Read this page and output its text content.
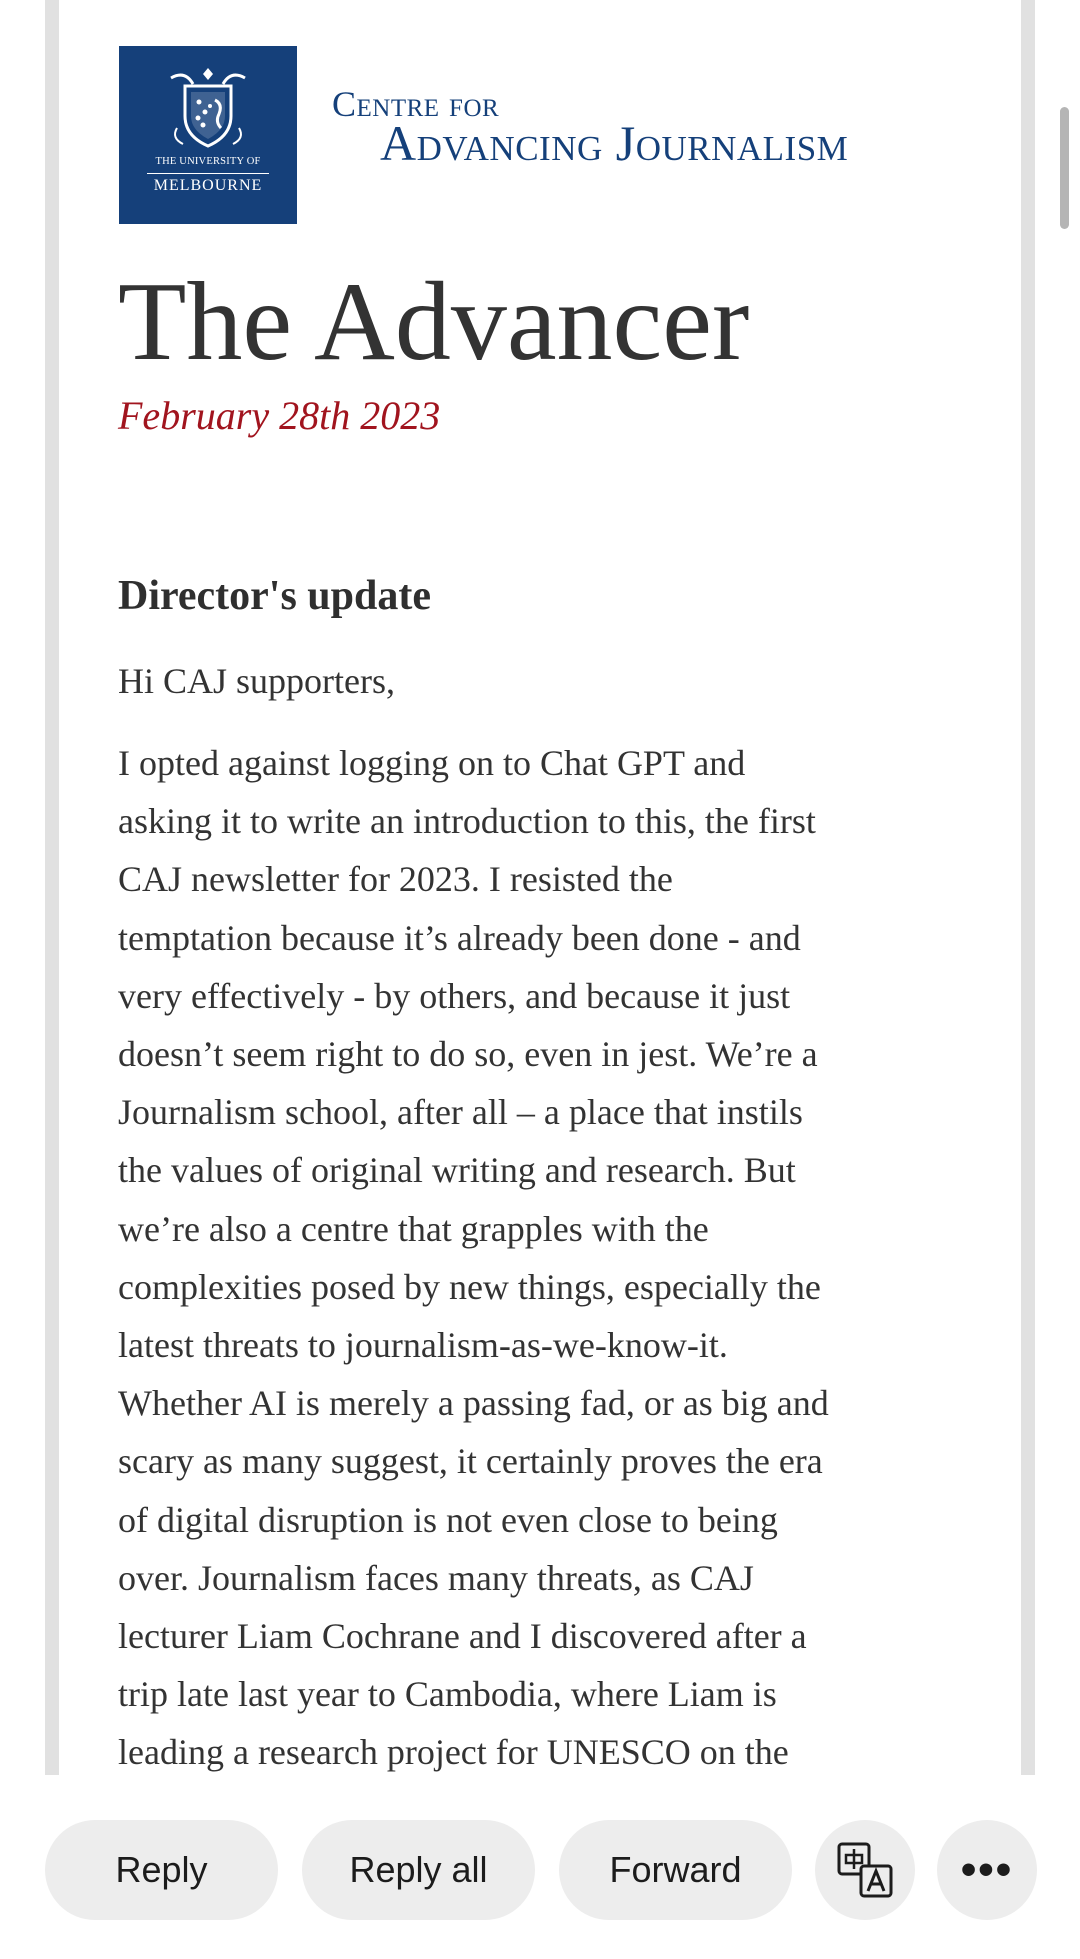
THE UNIVERSITY OF
MELBOURNE
Centre for
Advancing Journalism
The Advancer
February 28th 2023
Director's update
Hi CAJ supporters,
I opted against logging on to Chat GPT and
asking it to write an introduction to this, the first
CAJ newsletter for 2023. I resisted the
temptation because it’s already been done - and
very effectively - by others, and because it just
doesn’t seem right to do so, even in jest. We’re a
Journalism school, after all – a place that instils
the values of original writing and research. But
we’re also a centre that grapples with the
complexities posed by new things, especially the
latest threats to journalism-as-we-know-it.
Whether AI is merely a passing fad, or as big and
scary as many suggest, it certainly proves the era
of digital disruption is not even close to being
over. Journalism faces many threats, as CAJ
lecturer Liam Cochrane and I discovered after a
trip late last year to Cambodia, where Liam is
leading a research project for UNESCO on the
Reply	Reply all	Forward	•••
